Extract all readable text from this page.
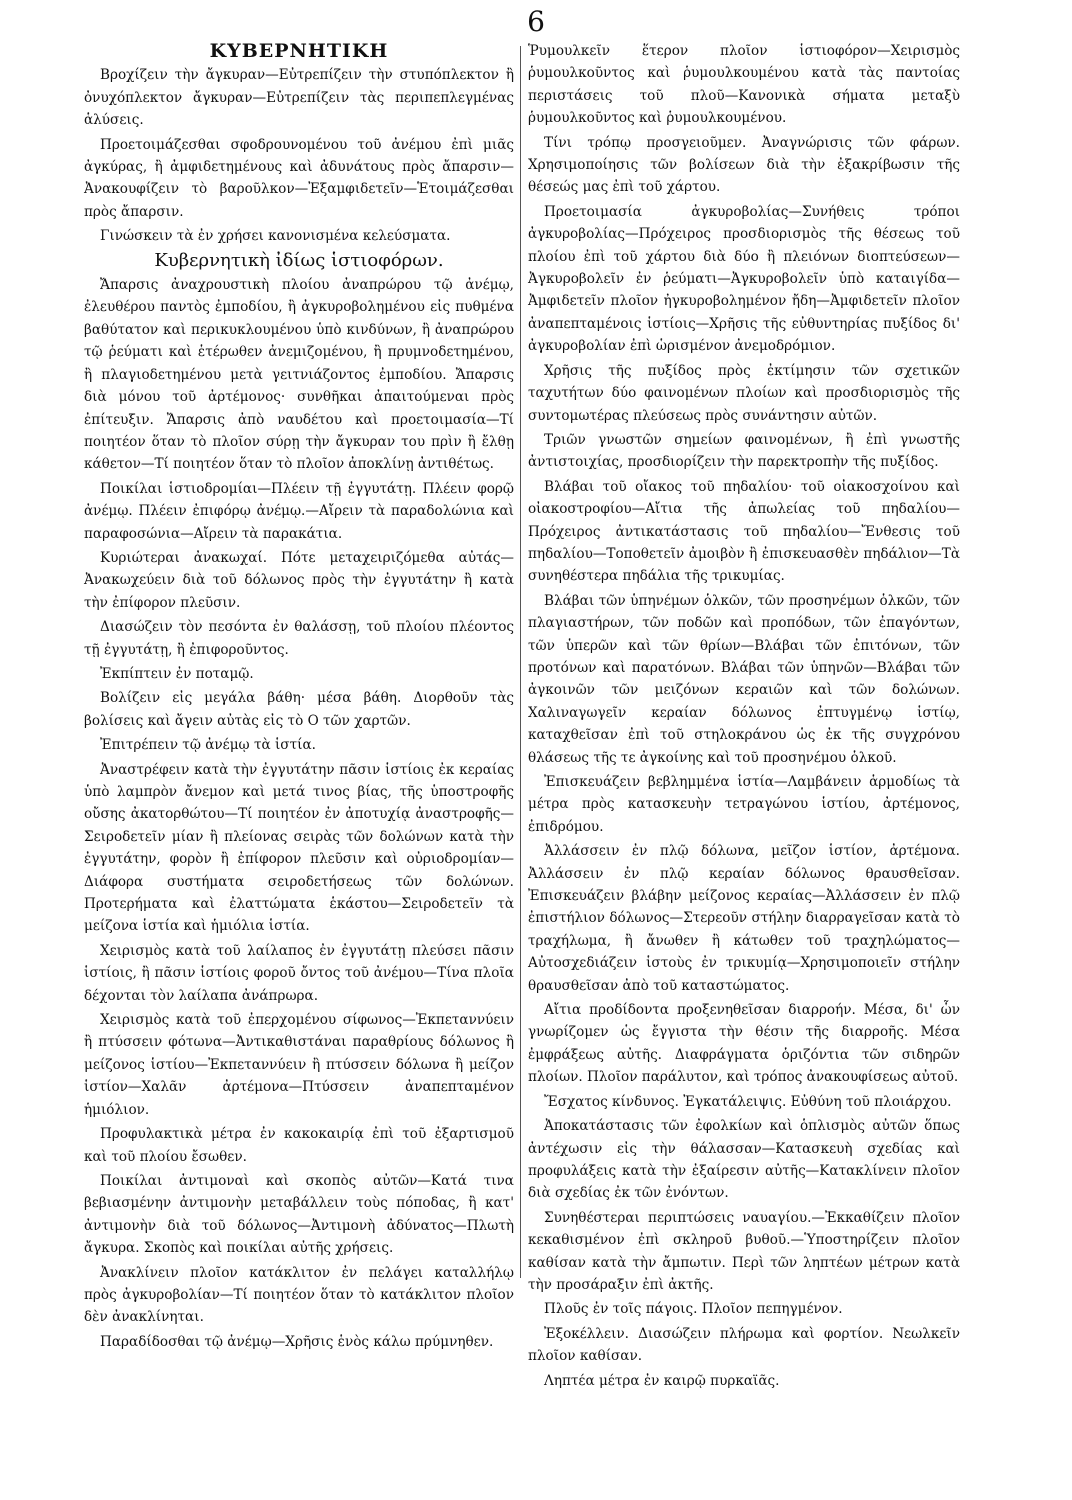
6

ΚΥΒΕΡΝΗΤΙΚΗ

Βροχίζειν τὴν ἄγκυραν—Εὐτρεπίζειν τὴν στυπόπλεκτον ἢ ὀνυχόπλεκτον ἄγκυραν—Εὐτρεπίζειν τὰς περιπεπλεγμένας ἁλύσεις.

Προετοιμάζεσθαι σφοδρουνομένου τοῦ ἀνέμου ἐπὶ μιᾶς ἀγκύρας, ἢ ἀμφιδετημένους καὶ ἀδυνάτους πρὸς ἄπαρσιν—Ἀνακουφίζειν τὸ βαροῦλκον—Ἐξαμφιδετεῖν—Ἑτοιμάζεσθαι πρὸς ἄπαρσιν.

Γινώσκειν τὰ ἐν χρήσει κανονισμένα κελεύσματα.

Κυβερνητικὴ ἰδίως ἱστιοφόρων.

Ἄπαρσις ἀναχρουστικὴ πλοίου ἀναπρώρου τῷ ἀνέμῳ, ἐλευθέρου παντὸς ἐμποδίου, ἢ ἀγκυροβολημένου εἰς πυθμένα βαθύτατον καὶ περικυκλουμένου ὑπὸ κινδύνων, ἢ ἀναπρώρου τῷ ῥεύματι καὶ ἑτέρωθεν ἀνεμιζομένου, ἢ πρυμνοδετημένου, ἢ πλαγιοδετημένου μετὰ γειτνιάζοντος ἐμποδίου. Ἄπαρσις διὰ μόνου τοῦ ἀρτέμονος· συνθῆκαι ἀπαιτούμεναι πρὸς ἐπίτευξιν. Ἄπαρσις ἀπὸ ναυδέτου καὶ προετοιμασία—Τί ποιητέον ὅταν τὸ πλοῖον σύρῃ τὴν ἄγκυραν του πρὶν ἢ ἔλθῃ κάθετον—Τί ποιητέον ὅταν τὸ πλοῖον ἀποκλίνῃ ἀντιθέτως.

Ποικίλαι ἱστιοδρομίαι—Πλέειν τῇ ἐγγυτάτῃ. Πλέειν φορῷ ἀνέμῳ. Πλέειν ἐπιφόρῳ ἀνέμῳ.—Αἴρειν τὰ παραδολώνια καὶ παραφοσώνια—Αἴρειν τὰ παρακάτια.

Κυριώτεραι ἀνακωχαί. Πότε μεταχειριζόμεθα αὐτάς—Ἀνακωχεύειν διὰ τοῦ δόλωνος πρὸς τὴν ἐγγυτάτην ἢ κατὰ τὴν ἐπίφορον πλεῦσιν.

Διασώζειν τὸν πεσόντα ἐν θαλάσσῃ, τοῦ πλοίου πλέοντος τῇ ἐγγυτάτῃ, ἢ ἐπιφοροῦντος.

Ἐκπίπτειν ἐν ποταμῷ.

Βολίζειν εἰς μεγάλα βάθη· μέσα βάθη. Διορθοῦν τὰς βολίσεις καὶ ἄγειν αὐτὰς εἰς τὸ Ο τῶν χαρτῶν.

Ἐπιτρέπειν τῷ ἀνέμῳ τὰ ἱστία.

Ἀναστρέφειν κατὰ τὴν ἐγγυτάτην πᾶσιν ἱστίοις ἐκ κεραίας ὑπὸ λαμπρὸν ἄνεμον καὶ μετά τινος βίας, τῆς ὑποστροφῆς οὔσης ἀκατορθώτου—Τί ποιητέον ἐν ἀποτυχίᾳ ἀναστροφῆς—Σειροδετεῖν μίαν ἢ πλείονας σειρὰς τῶν δολώνων κατὰ τὴν ἐγγυτάτην, φορὸν ἢ ἐπίφορον πλεῦσιν καὶ οὐριοδρομίαν—Διάφορα συστήματα σειροδετήσεως τῶν δολώνων. Προτερήματα καὶ ἐλαττώματα ἑκάστου—Σειροδετεῖν τὰ μείζονα ἱστία καὶ ἡμιόλια ἱστία.

Χειρισμὸς κατὰ τοῦ λαίλαπος ἐν ἐγγυτάτῃ πλεύσει πᾶσιν ἱστίοις, ἢ πᾶσιν ἱστίοις φοροῦ ὄντος τοῦ ἀνέμου—Τίνα πλοῖα δέχονται τὸν λαίλαπα ἀνάπρωρα.

Χειρισμὸς κατὰ τοῦ ἐπερχομένου σίφωνος—Ἐκπεταννύειν ἢ πτύσσειν φότωνα—Ἀντικαθιστάναι παραθρίους δόλωνος ἢ μείζονος ἱστίου—Ἐκπεταννύειν ἢ πτύσσειν δόλωνα ἢ μείζον ἱστίον—Χαλᾶν ἀρτέμονα—Πτύσσειν ἀναπεπταμένον ἡμιόλιον.

Προφυλακτικὰ μέτρα ἐν κακοκαιρίᾳ ἐπὶ τοῦ ἐξαρτισμοῦ καὶ τοῦ πλοίου ἔσωθεν.

Ποικίλαι ἀντιμοναὶ καὶ σκοπὸς αὐτῶν—Κατά τινα βεβιασμένην ἀντιμονὴν μεταβάλλειν τοὺς πόποδας, ἢ κατ' ἀντιμονὴν διὰ τοῦ δόλωνος—Ἀντιμονὴ ἀδύνατος—Πλωτὴ ἄγκυρα. Σκοπὸς καὶ ποικίλαι αὐτῆς χρήσεις.

Ἀνακλίνειν πλοῖον κατάκλιτον ἐν πελάγει καταλλήλῳ πρὸς ἀγκυροβολίαν—Τί ποιητέον ὅταν τὸ κατάκλιτον πλοῖον δὲν ἀνακλίνηται.

Παραδίδοσθαι τῷ ἀνέμῳ—Χρῆσις ἑνὸς κάλω πρύμνηθεν.

Ῥυμουλκεῖν ἕτερον πλοῖον ἱστιοφόρον—Χειρισμὸς ῥυμουλκοῦντος καὶ ῥυμουλκουμένου κατὰ τὰς παντοίας περιστάσεις τοῦ πλοῦ—Κανονικὰ σήματα μεταξὺ ῥυμουλκοῦντος καὶ ῥυμουλκουμένου.

Τίνι τρόπῳ προσγειοῦμεν. Ἀναγνώρισις τῶν φάρων. Χρησιμοποίησις τῶν βολίσεων διὰ τὴν ἐξακρίβωσιν τῆς θέσεώς μας ἐπὶ τοῦ χάρτου.

Προετοιμασία ἀγκυροβολίας—Συνήθεις τρόποι ἀγκυροβολίας—Πρόχειρος προσδιορισμὸς τῆς θέσεως τοῦ πλοίου ἐπὶ τοῦ χάρτου διὰ δύο ἢ πλειόνων διοπτεύσεων—Ἀγκυροβολεῖν ἐν ῥεύματι—Ἀγκυροβολεῖν ὑπὸ καταιγίδα—Ἀμφιδετεῖν πλοῖον ἠγκυροβολημένον ἤδη—Ἀμφιδετεῖν πλοῖον ἀναπεπταμένοις ἱστίοις—Χρῆσις τῆς εὐθυντηρίας πυξίδος δι' ἀγκυροβολίαν ἐπὶ ὡρισμένον ἀνεμοδρόμιον.

Χρῆσις τῆς πυξίδος πρὸς ἐκτίμησιν τῶν σχετικῶν ταχυτήτων δύο φαινομένων πλοίων καὶ προσδιορισμὸς τῆς συντομωτέρας πλεύσεως πρὸς συνάντησιν αὐτῶν.

Τριῶν γνωστῶν σημείων φαινομένων, ἢ ἐπὶ γνωστῆς ἀντιστοιχίας, προσδιορίζειν τὴν παρεκτροπὴν τῆς πυξίδος.

Βλάβαι τοῦ οἴακος τοῦ πηδαλίου· τοῦ οἰακοσχοίνου καὶ οἰακοστροφίου—Αἴτια τῆς ἀπωλείας τοῦ πηδαλίου—Πρόχειρος ἀντικατάστασις τοῦ πηδαλίου—Ἔνθεσις τοῦ πηδαλίου—Τοποθετεῖν ἀμοιβὸν ἢ ἐπισκευασθὲν πηδάλιον—Τὰ συνηθέστερα πηδάλια τῆς τρικυμίας.

Βλάβαι τῶν ὑπηνέμων ὁλκῶν, τῶν προσηνέμων ὁλκῶν, τῶν πλαγιαστήρων, τῶν ποδῶν καὶ προπόδων, τῶν ἐπαγόντων, τῶν ὑπερῶν καὶ τῶν θρίων—Βλάβαι τῶν ἐπιτόνων, τῶν προτόνων καὶ παρατόνων. Βλάβαι τῶν ὑπηνῶν—Βλάβαι τῶν ἀγκοινῶν τῶν μειζόνων κεραιῶν καὶ τῶν δολώνων. Χαλιναγωγεῖν κεραίαν δόλωνος ἐπτυγμένῳ ἱστίῳ, καταχθεῖσαν ἐπὶ τοῦ στηλοκράνου ὡς ἐκ τῆς συγχρόνου θλάσεως τῆς τε ἀγκοίνης καὶ τοῦ προσηνέμου ὁλκοῦ.

Ἐπισκευάζειν βεβλημμένα ἱστία—Λαμβάνειν ἁρμοδίως τὰ μέτρα πρὸς κατασκευὴν τετραγώνου ἱστίου, ἀρτέμονος, ἐπιδρόμου.

Ἀλλάσσειν ἐν πλῷ δόλωνα, μεῖζον ἱστίον, ἀρτέμονα. Ἀλλάσσειν ἐν πλῷ κεραίαν δόλωνος θραυσθεῖσαν. Ἐπισκευάζειν βλάβην μείζονος κεραίας—Ἀλλάσσειν ἐν πλῷ ἐπιστήλιον δόλωνος—Στερεοῦν στήλην διαρραγεῖσαν κατὰ τὸ τραχήλωμα, ἢ ἄνωθεν ἢ κάτωθεν τοῦ τραχηλώματος—Αὐτοσχεδιάζειν ἱστοὺς ἐν τρικυμίᾳ—Χρησιμοποιεῖν στήλην θραυσθεῖσαν ἀπὸ τοῦ καταστώματος.

Αἴτια προδίδοντα προξενηθεῖσαν διαρροήν. Μέσα, δι' ὧν γνωρίζομεν ὡς ἔγγιστα τὴν θέσιν τῆς διαρροῆς. Μέσα ἐμφράξεως αὐτῆς. Διαφράγματα ὁριζόντια τῶν σιδηρῶν πλοίων. Πλοῖον παράλυτον, καὶ τρόπος ἀνακουφίσεως αὐτοῦ.

Ἔσχατος κίνδυνος. Ἐγκατάλειψις. Εὐθύνη τοῦ πλοιάρχου.

Ἀποκατάστασις τῶν ἐφολκίων καὶ ὁπλισμὸς αὐτῶν ὅπως ἀντέχωσιν εἰς τὴν θάλασσαν—Κατασκευὴ σχεδίας καὶ προφυλάξεις κατὰ τὴν ἐξαίρεσιν αὐτῆς—Κατακλίνειν πλοῖον διὰ σχεδίας ἐκ τῶν ἐνόντων.

Συνηθέστεραι περιπτώσεις ναυαγίου.—Ἐκκαθίζειν πλοῖον κεκαθισμένον ἐπὶ σκληροῦ βυθοῦ.—Ὑποστηρίζειν πλοῖον καθίσαν κατὰ τὴν ἄμπωτιν. Περὶ τῶν ληπτέων μέτρων κατὰ τὴν προσάραξιν ἐπὶ ἀκτῆς.

Πλοῦς ἐν τοῖς πάγοις. Πλοῖον πεπηγμένον.

Ἐξοκέλλειν. Διασώζειν πλήρωμα καὶ φορτίον. Νεωλκεῖν πλοῖον καθίσαν.

Ληπτέα μέτρα ἐν καιρῷ πυρκαϊᾶς.
